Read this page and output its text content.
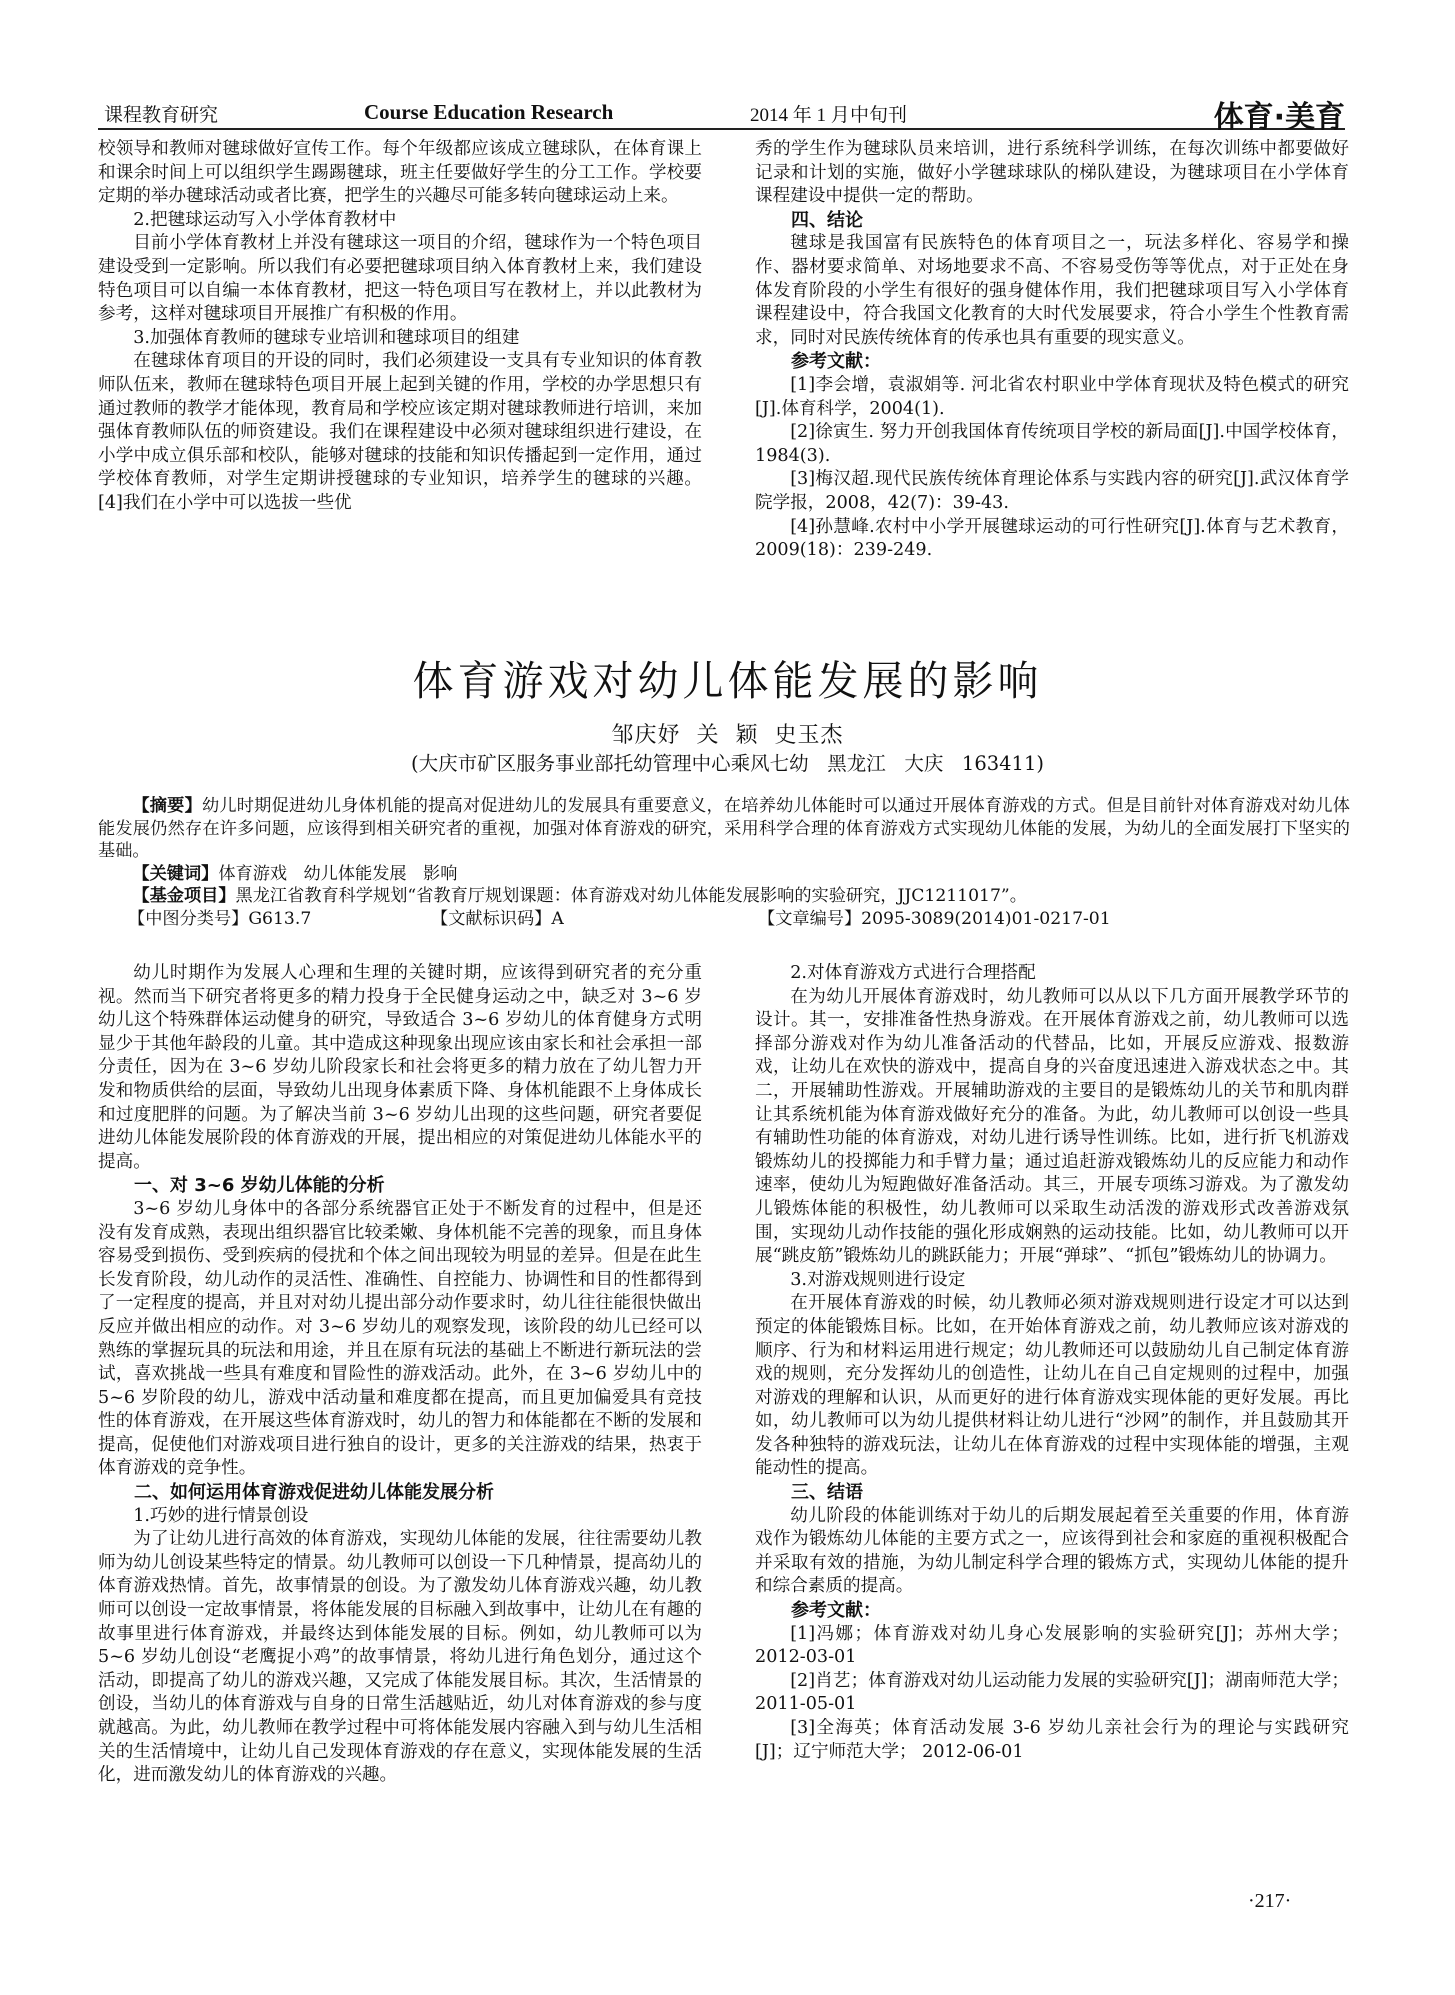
课程教育研究	Course Education Research	2014 年 1 月 中旬刊	体育·美育

校领导和教师对毽球做好宣传工作。每个年级都应该成立毽球队，在体育课上和课余时间上可以组织学生踢踢毽球，班主任要做好学生的分工工作。学校要定期的举办毽球活动或者比赛，把学生的兴趣尽可能多转向毽球运动上来。

2.把毽球运动写入小学体育教材中

目前小学体育教材上并没有毽球这一项目的介绍，毽球作为一个特色项目建设受到一定影响。所以我们有必要把毽球项目纳入体育教材上来，我们建设特色项目可以自编一本体育教材，把这一特色项目写在教材上，并以此教材为参考，这样对毽球项目开展推广有积极的作用。

3.加强体育教师的毽球专业培训和毽球项目的组建

在毽球体育项目的开设的同时，我们必须建设一支具有专业知识的体育教师队伍来，教师在毽球特色项目开展上起到关键的作用，学校的办学思想只有通过教师的教学才能体现，教育局和学校应该定期对毽球教师进行培训，来加强体育教师队伍的师资建设。我们在课程建设中必须对毽球组织进行建设，在小学中成立俱乐部和校队，能够对毽球的技能和知识传播起到一定作用，通过学校体育教师，对学生定期讲授毽球的专业知识，培养学生的毽球的兴趣。[4]我们在小学中可以选拔一些优

秀的学生作为毽球队员来培训，进行系统科学训练，在每次训练中都要做好记录和计划的实施，做好小学毽球球队的梯队建设，为毽球项目在小学体育课程建设中提供一定的帮助。

四、结论

毽球是我国富有民族特色的体育项目之一，玩法多样化、容易学和操作、器材要求简单、对场地要求不高、不容易受伤等等优点，对于正处在身体发育阶段的小学生有很好的强身健体作用，我们把毽球项目写入小学体育课程建设中，符合我国文化教育的大时代发展要求，符合小学生个性教育需求，同时对民族传统体育的传承也具有重要的现实意义。

参考文献：

[1]李会增，袁淑娟等. 河北省农村职业中学体育现状及特色模式的研究[J].体育科学，2004(1).

[2]徐寅生. 努力开创我国体育传统项目学校的新局面[J].中国学校体育，1984(3).

[3]梅汉超.现代民族传统体育理论体系与实践内容的研究[J].武汉体育学院学报，2008，42(7)：39-43.

[4]孙慧峰.农村中小学开展毽球运动的可行性研究[J].体育与艺术教育，2009(18)：239-249.

体育游戏对幼儿体能发展的影响
邹庆妤  关  颖  史玉杰
(大庆市矿区服务事业部托幼管理中心乘风七幼   黑龙江   大庆   163411)

【摘要】幼儿时期促进幼儿身体机能的提高对促进幼儿的发展具有重要意义，在培养幼儿体能时可以通过开展体育游戏的方式。但是目前针对体育游戏对幼儿体能发展仍然存在许多问题，应该得到相关研究者的重视，加强对体育游戏的研究，采用科学合理的体育游戏方式实现幼儿体能的发展，为幼儿的全面发展打下坚实的基础。

【关键词】体育游戏   幼儿体能发展   影响

【基金项目】黑龙江省教育科学规划“省教育厅规划课题：体育游戏对幼儿体能发展影响的实验研究，JJC1211017”。

【中图分类号】G613.7	【文献标识码】A	【文章编号】2095-3089(2014)01-0217-01

幼儿时期作为发展人心理和生理的关键时期，应该得到研究者的充分重视。然而当下研究者将更多的精力投身于全民健身运动之中，缺乏对 3~6 岁幼儿这个特殊群体运动健身的研究，导致适合 3~6 岁幼儿的体育健身方式明显少于其他年龄段的儿童。其中造成这种现象出现应该由家长和社会承担一部分责任，因为在 3~6 岁幼儿阶段家长和社会将更多的精力放在了幼儿智力开发和物质供给的层面，导致幼儿出现身体素质下降、身体机能跟不上身体成长和过度肥胖的问题。为了解决当前 3~6 岁幼儿出现的这些问题，研究者要促进幼儿体能发展阶段的体育游戏的开展，提出相应的对策促进幼儿体能水平的提高。

一、对 3~6 岁幼儿体能的分析

3~6 岁幼儿身体中的各部分系统器官正处于不断发育的过程中，但是还没有发育成熟，表现出组织器官比较柔嫩、身体机能不完善的现象，而且身体容易受到损伤、受到疾病的侵扰和个体之间出现较为明显的差异。但是在此生长发育阶段，幼儿动作的灵活性、准确性、自控能力、协调性和目的性都得到了一定程度的提高，并且对对幼儿提出部分动作要求时，幼儿往往能很快做出反应并做出相应的动作。对 3~6 岁幼儿的观察发现，该阶段的幼儿已经可以熟练的掌握玩具的玩法和用途，并且在原有玩法的基础上不断进行新玩法的尝试，喜欢挑战一些具有难度和冒险性的游戏活动。此外，在 3~6 岁幼儿中的 5~6 岁阶段的幼儿，游戏中活动量和难度都在提高，而且更加偏爱具有竞技性的体育游戏，在开展这些体育游戏时，幼儿的智力和体能都在不断的发展和提高，促使他们对游戏项目进行独自的设计，更多的关注游戏的结果，热衷于体育游戏的竞争性。

二、如何运用体育游戏促进幼儿体能发展分析

1.巧妙的进行情景创设

为了让幼儿进行高效的体育游戏，实现幼儿体能的发展，往往需要幼儿教师为幼儿创设某些特定的情景。幼儿教师可以创设一下几种情景，提高幼儿的体育游戏热情。首先，故事情景的创设。为了激发幼儿体育游戏兴趣，幼儿教师可以创设一定故事情景，将体能发展的目标融入到故事中，让幼儿在有趣的故事里进行体育游戏，并最终达到体能发展的目标。例如，幼儿教师可以为 5~6 岁幼儿创设“老鹰捉小鸡”的故事情景，将幼儿进行角色划分，通过这个活动，即提高了幼儿的游戏兴趣，又完成了体能发展目标。其次，生活情景的创设，当幼儿的体育游戏与自身的日常生活越贴近，幼儿对体育游戏的参与度就越高。为此，幼儿教师在教学过程中可将体能发展内容融入到与幼儿生活相关的生活情境中，让幼儿自己发现体育游戏的存在意义，实现体能发展的生活化，进而激发幼儿的体育游戏的兴趣。

2.对体育游戏方式进行合理搭配

在为幼儿开展体育游戏时，幼儿教师可以从以下几方面开展教学环节的设计。其一，安排准备性热身游戏。在开展体育游戏之前，幼儿教师可以选择部分游戏对作为幼儿准备活动的代替品，比如，开展反应游戏、报数游戏，让幼儿在欢快的游戏中，提高自身的兴奋度迅速进入游戏状态之中。其二，开展辅助性游戏。开展辅助游戏的主要目的是锻炼幼儿的关节和肌肉群让其系统机能为体育游戏做好充分的准备。为此，幼儿教师可以创设一些具有辅助性功能的体育游戏，对幼儿进行诱导性训练。比如，进行折飞机游戏锻炼幼儿的投掷能力和手臂力量；通过追赶游戏锻炼幼儿的反应能力和动作速率，使幼儿为短跑做好准备活动。其三，开展专项练习游戏。为了激发幼儿锻炼体能的积极性，幼儿教师可以采取生动活泼的游戏形式改善游戏氛围，实现幼儿动作技能的强化形成娴熟的运动技能。比如，幼儿教师可以开展“跳皮筋”锻炼幼儿的跳跃能力；开展“弹球”、“抓包”锻炼幼儿的协调力。

3.对游戏规则进行设定

在开展体育游戏的时候，幼儿教师必须对游戏规则进行设定才可以达到预定的体能锻炼目标。比如，在开始体育游戏之前，幼儿教师应该对游戏的顺序、行为和材料运用进行规定；幼儿教师还可以鼓励幼儿自己制定体育游戏的规则，充分发挥幼儿的创造性，让幼儿在自己自定规则的过程中，加强对游戏的理解和认识，从而更好的进行体育游戏实现体能的更好发展。再比如，幼儿教师可以为幼儿提供材料让幼儿进行“沙网”的制作，并且鼓励其开发各种独特的游戏玩法，让幼儿在体育游戏的过程中实现体能的增强，主观能动性的提高。

三、结语

幼儿阶段的体能训练对于幼儿的后期发展起着至关重要的作用，体育游戏作为锻炼幼儿体能的主要方式之一，应该得到社会和家庭的重视积极配合并采取有效的措施，为幼儿制定科学合理的锻炼方式，实现幼儿体能的提升和综合素质的提高。

参考文献：

[1]冯娜；体育游戏对幼儿身心发展影响的实验研究[J]；苏州大学；2012-03-01

[2]肖艺；体育游戏对幼儿运动能力发展的实验研究[J]；湖南师范大学；2011-05-01

[3]全海英；体育活动发展 3-6 岁幼儿亲社会行为的理论与实践研究[J]；辽宁师范大学； 2012-06-01

·217·
